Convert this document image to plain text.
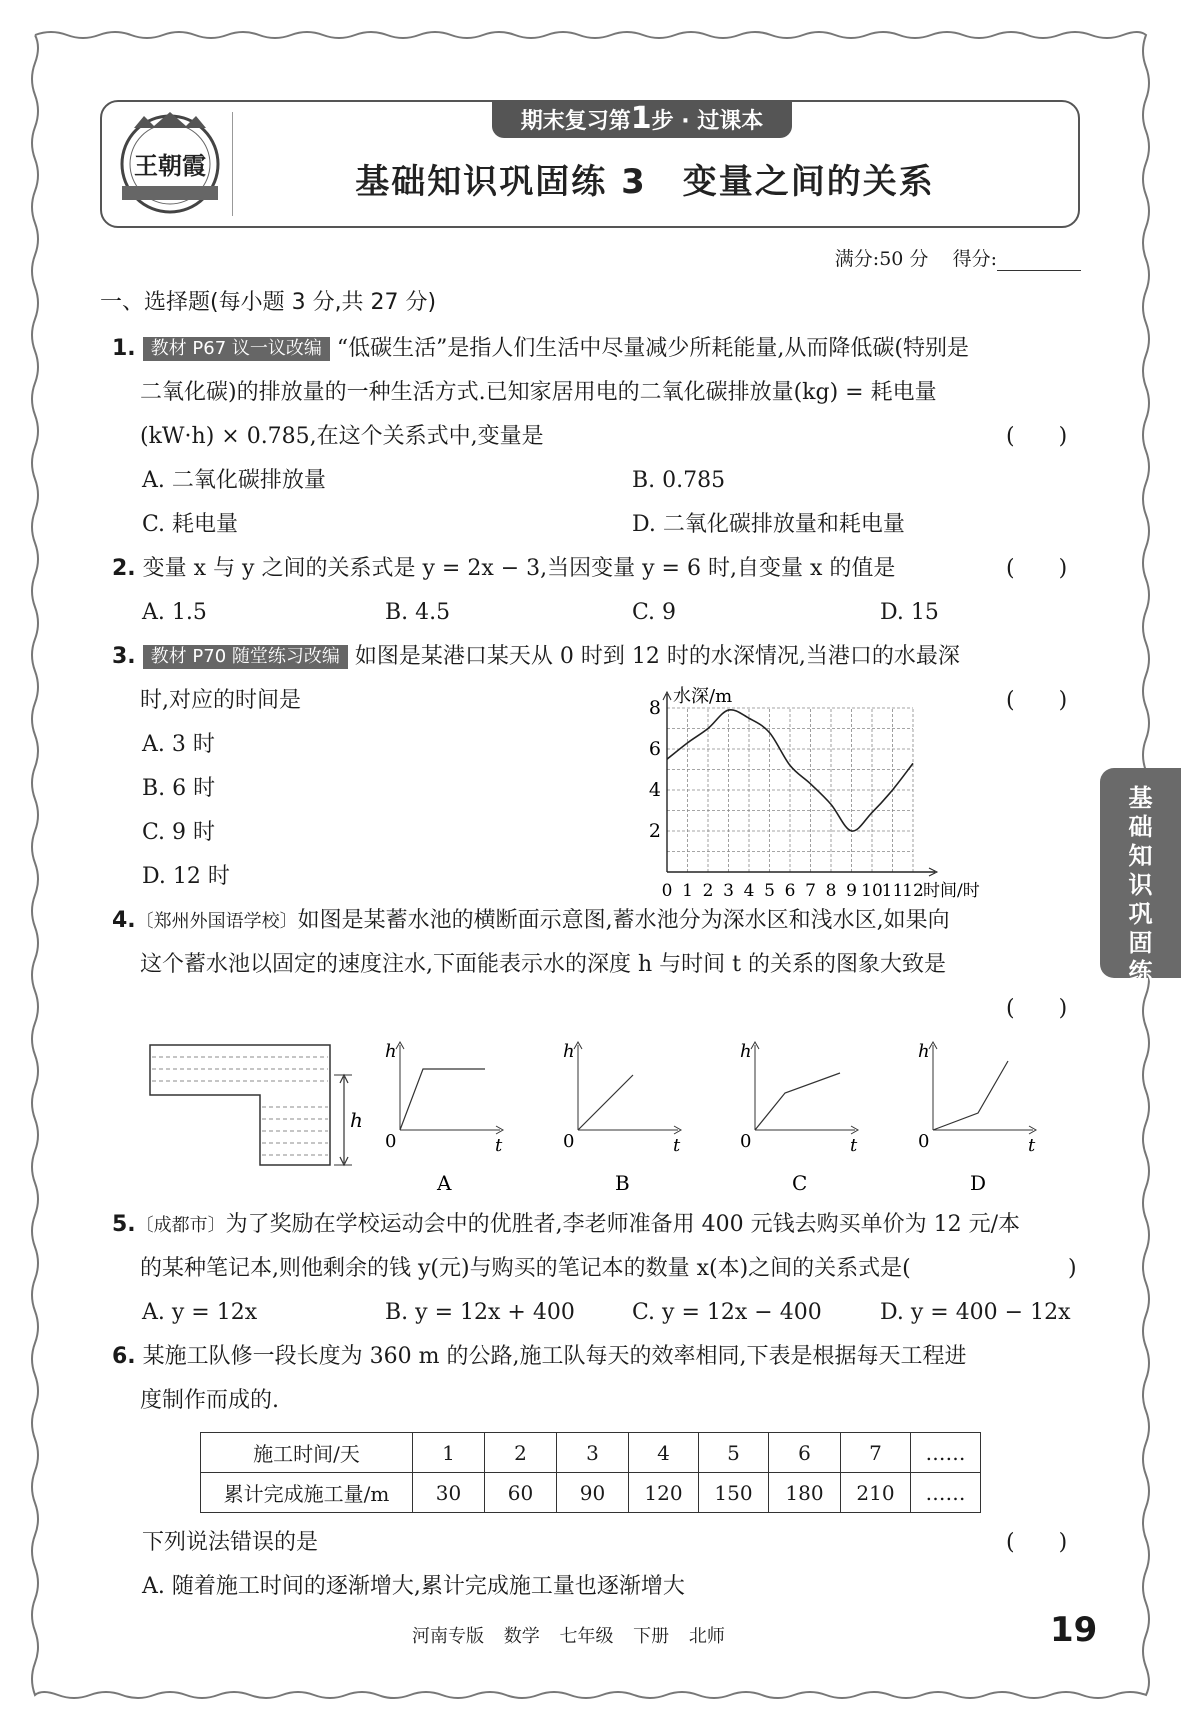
王朝霞
期末复习第1步 · 过课本
基础知识巩固练 3　变量之间的关系
满分:50 分 得分:
基
础
知
识
巩
固
练
一、选择题(每小题 3 分,共 27 分)
1. 教材 P67 议一议改编 “低碳生活”是指人们生活中尽量减少所耗能量,从而降低碳(特别是
二氧化碳)的排放量的一种生活方式.已知家居用电的二氧化碳排放量(kg) = 耗电量
(kW·h) × 0.785,在这个关系式中,变量是	(　　)
A. 二氧化碳排放量	B. 0.785
C. 耗电量	D. 二氧化碳排放量和耗电量
2. 变量 x 与 y 之间的关系式是 y = 2x − 3,当因变量 y = 6 时,自变量 x 的值是	(　　)
A. 1.5	B. 4.5	C. 9	D. 15
3. 教材 P70 随堂练习改编 如图是某港口某天从 0 时到 12 时的水深情况,当港口的水最深
时,对应的时间是	(　　)
A. 3 时
B. 6 时
C. 9 时
D. 12 时
2
4
6
8
0 1 2 3 4 5 6 7 8 9 10
11
12
水深/m
时间/时
4.〔郑州外国语学校〕如图是某蓄水池的横断面示意图,蓄水池分为深水区和浅水区,如果向
这个蓄水池以固定的速度注水,下面能表示水的深度 h 与时间 t 的关系的图象大致是
(　　)
h
h
t
0
A
h
t
0
B
h
t
0
C
h
t
0
D
5.〔成都市〕为了奖励在学校运动会中的优胜者,李老师准备用 400 元钱去购买单价为 12 元/本
的某种笔记本,则他剩余的钱 y(元)与购买的笔记本的数量 x(本)之间的关系式是(	)
A. y = 12x	B. y = 12x + 400	C. y = 12x − 400	D. y = 400 − 12x
6. 某施工队修一段长度为 360 m 的公路,施工队每天的效率相同,下表是根据每天工程进
度制作而成的.
施工时间/天	1	2	3	4	5	6	7	……
累计完成施工量/m	30	60	90	120	150	180	210	……
下列说法错误的是	(　　)
A. 随着施工时间的逐渐增大,累计完成施工量也逐渐增大
河南专版 数学 七年级 下册 北师	19
